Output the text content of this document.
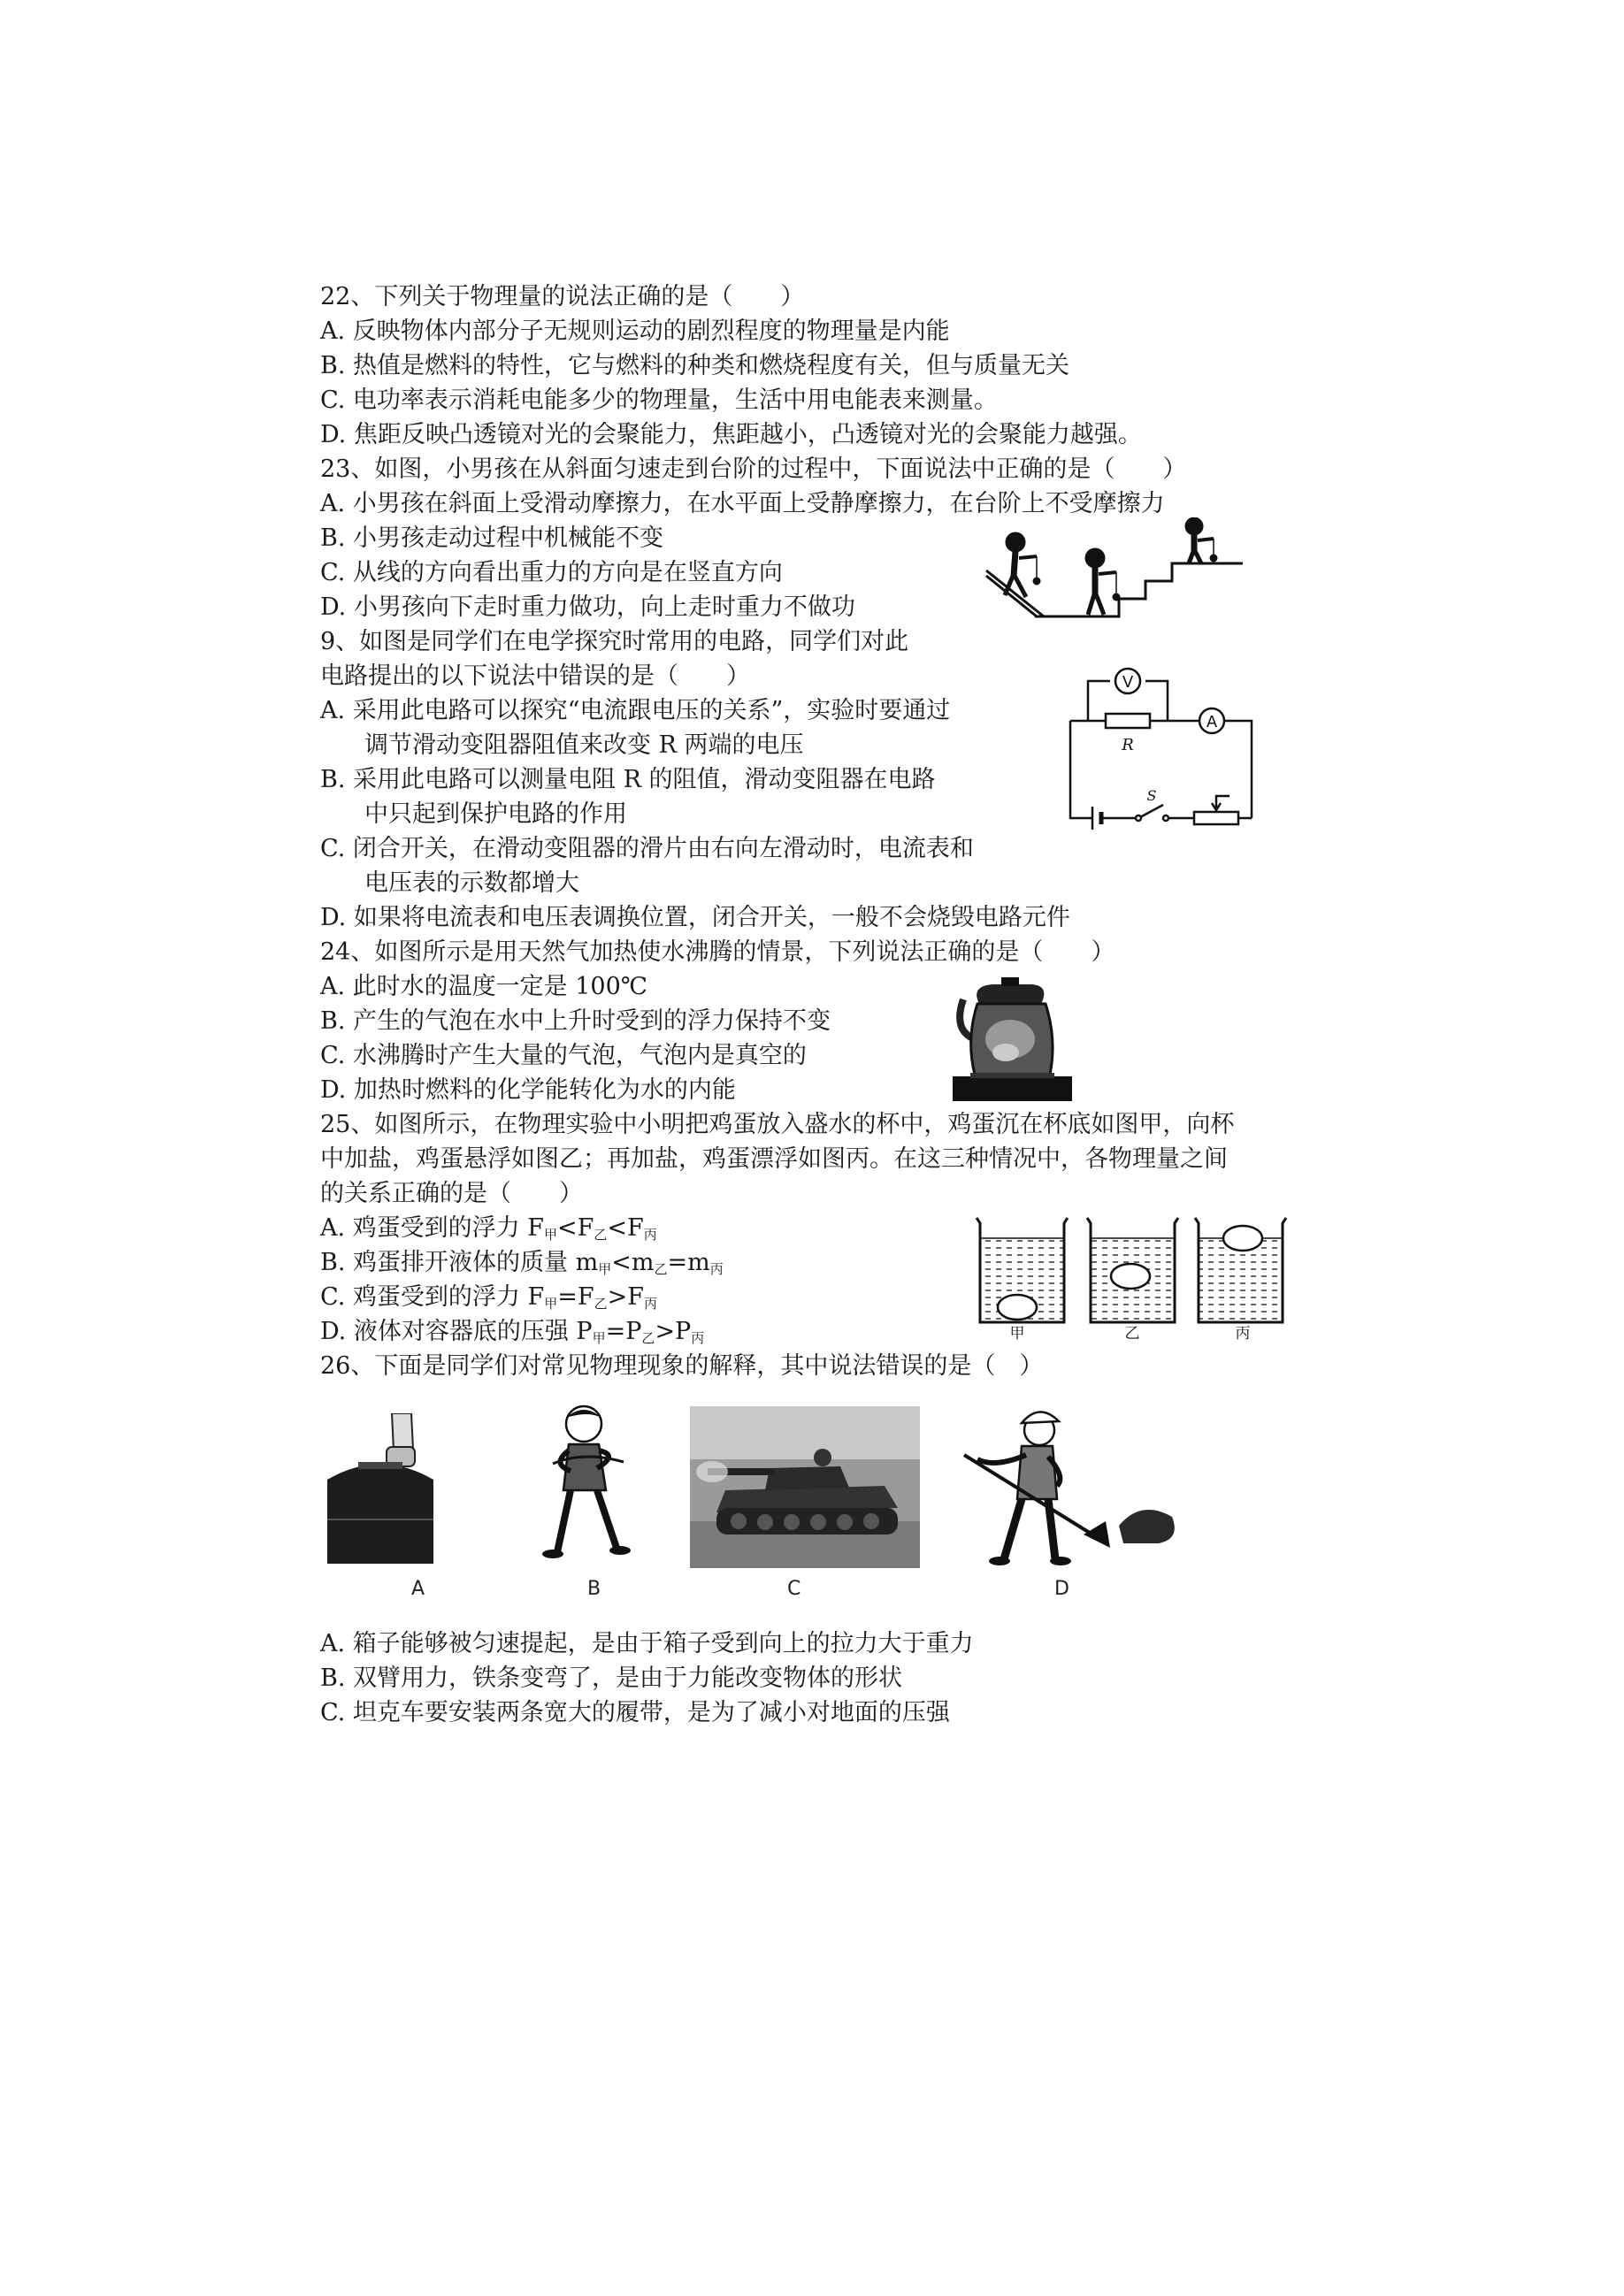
22、下列关于物理量的说法正确的是（　　）
A. 反映物体内部分子无规则运动的剧烈程度的物理量是内能
B. 热值是燃料的特性，它与燃料的种类和燃烧程度有关，但与质量无关
C. 电功率表示消耗电能多少的物理量，生活中用电能表来测量。
D. 焦距反映凸透镜对光的会聚能力，焦距越小，凸透镜对光的会聚能力越强。
23、如图，小男孩在从斜面匀速走到台阶的过程中，下面说法中正确的是（　　）
A. 小男孩在斜面上受滑动摩擦力，在水平面上受静摩擦力，在台阶上不受摩擦力
B. 小男孩走动过程中机械能不变
C. 从线的方向看出重力的方向是在竖直方向
D. 小男孩向下走时重力做功，向上走时重力不做功
9、如图是同学们在电学探究时常用的电路，同学们对此
电路提出的以下说法中错误的是（　　）
A. 采用此电路可以探究“电流跟电压的关系”，实验时要通过
调节滑动变阻器阻值来改变 R 两端的电压
B. 采用此电路可以测量电阻 R 的阻值，滑动变阻器在电路
中只起到保护电路的作用
C. 闭合开关，在滑动变阻器的滑片由右向左滑动时，电流表和
电压表的示数都增大
D. 如果将电流表和电压表调换位置，闭合开关，一般不会烧毁电路元件
V
A
R
S
24、如图所示是用天然气加热使水沸腾的情景，下列说法正确的是（　　）
A. 此时水的温度一定是 100℃
B. 产生的气泡在水中上升时受到的浮力保持不变
C. 水沸腾时产生大量的气泡，气泡内是真空的
D. 加热时燃料的化学能转化为水的内能
25、如图所示，在物理实验中小明把鸡蛋放入盛水的杯中，鸡蛋沉在杯底如图甲，向杯
中加盐，鸡蛋悬浮如图乙；再加盐，鸡蛋漂浮如图丙。在这三种情况中，各物理量之间
的关系正确的是（　　）
A. 鸡蛋受到的浮力 $F_甲<F_乙<F_丙$
B. 鸡蛋排开液体的质量 $m_甲<m_乙=m_丙$
C. 鸡蛋受到的浮力 $F_甲=F_乙>F_丙$
D. 液体对容器底的压强 $P_甲=P_乙>P_丙$	甲	乙	丙
26、下面是同学们对常见物理现象的解释，其中说法错误的是（　）
A	B	C	D
A. 箱子能够被匀速提起，是由于箱子受到向上的拉力大于重力
B. 双臂用力，铁条变弯了，是由于力能改变物体的形状
C. 坦克车要安装两条宽大的履带，是为了减小对地面的压强
